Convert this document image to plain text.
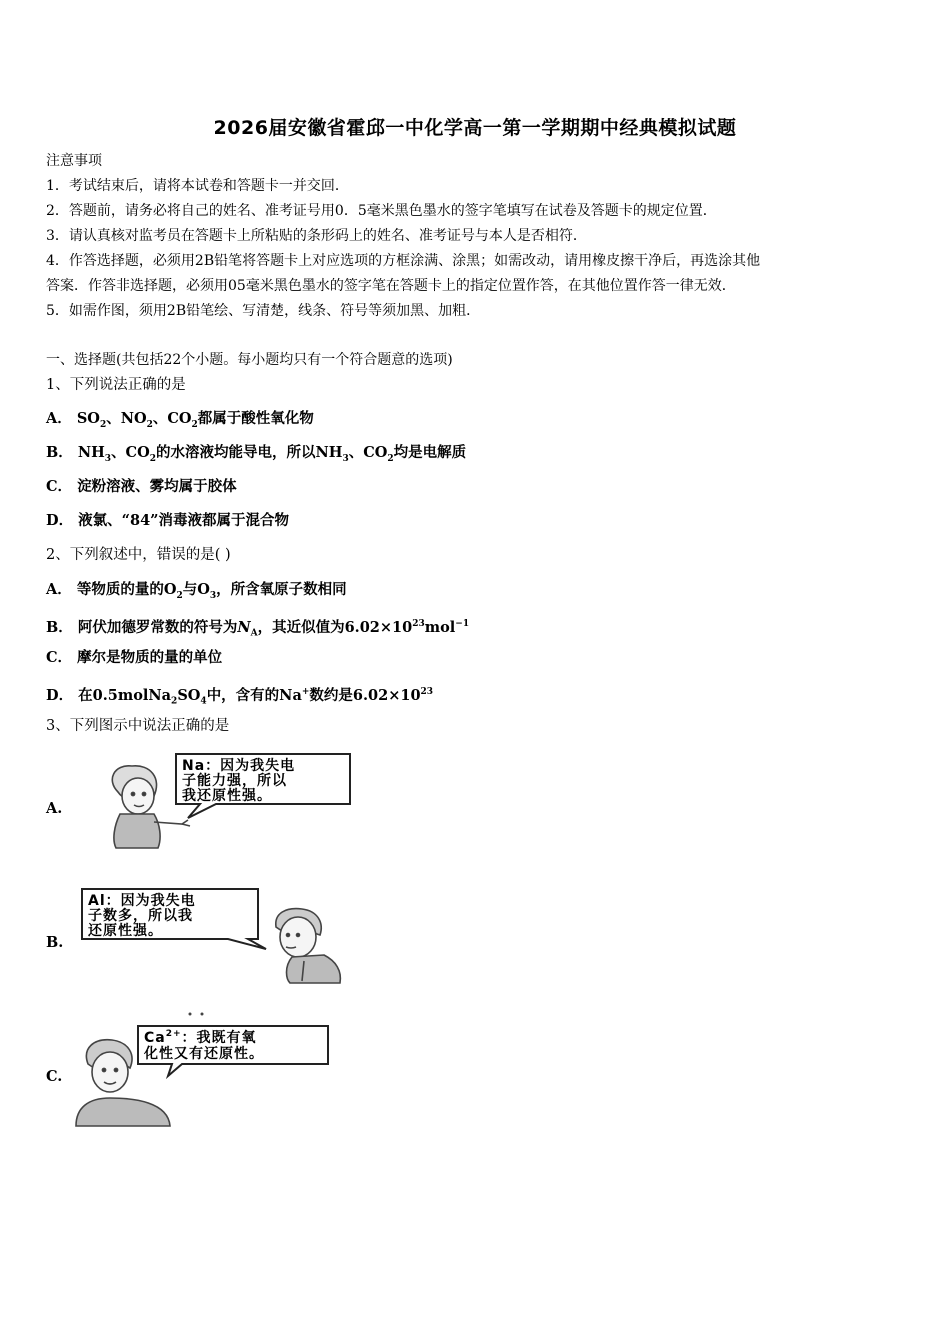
2026届安徽省霍邱一中化学高一第一学期期中经典模拟试题
注意事项
1．考试结束后，请将本试卷和答题卡一并交回．
2．答题前，请务必将自己的姓名、准考证号用0．5毫米黑色墨水的签字笔填写在试卷及答题卡的规定位置．
3．请认真核对监考员在答题卡上所粘贴的条形码上的姓名、准考证号与本人是否相符．
4．作答选择题，必须用2B铅笔将答题卡上对应选项的方框涂满、涂黑；如需改动，请用橡皮擦干净后，再选涂其他
答案．作答非选择题，必须用05毫米黑色墨水的签字笔在答题卡上的指定位置作答，在其他位置作答一律无效．
5．如需作图，须用2B铅笔绘、写清楚，线条、符号等须加黑、加粗．
一、选择题(共包括22个小题。每小题均只有一个符合题意的选项)
1、下列说法正确的是
A． $SO_2$、$NO_2$、$CO_2$都属于酸性氧化物
B． $NH_3$、$CO_2$的水溶液均能导电，所以$NH_3$、$CO_2$均是电解质
C． 淀粉溶液、雾均属于胶体
D． 液氯、“84”消毒液都属于混合物
2、下列叙述中，错误的是( )
A． 等物质的量的$O_2$与$O_3$，所含氧原子数相同
B． 阿伏加德罗常数的符号为$N_A$，其近似值为$6.02\times 10^{23}mol^{-1}$
C． 摩尔是物质的量的单位
D． 在$0.5molNa_2SO_4$中，含有的Na+数约是$6.02\times 10^{23}$
3、下列图示中说法正确的是
A.
Na：因为我失电
子能力强，所以
我还原性强。
B.
Al：因为我失电
子数多，所以我
还原性强。
C.
$Ca^{2+}$：我既有氧
化性又有还原性。
